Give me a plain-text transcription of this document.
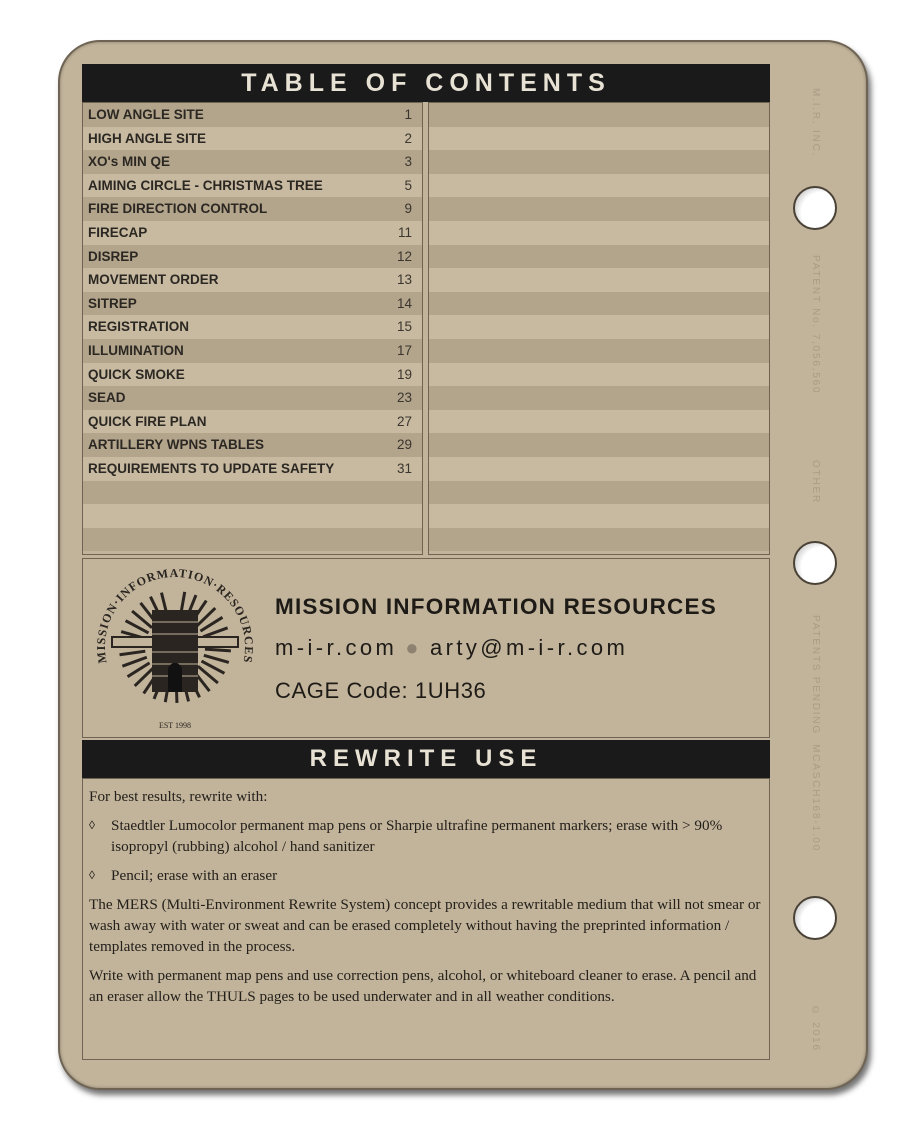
TABLE OF CONTENTS
LOW ANGLE SITE	1
HIGH ANGLE SITE	2
XO's MIN QE	3
AIMING CIRCLE - CHRISTMAS TREE	5
FIRE DIRECTION CONTROL	9
FIRECAP	11
DISREP	12
MOVEMENT ORDER	13
SITREP	14
REGISTRATION	15
ILLUMINATION	17
QUICK SMOKE	19
SEAD	23
QUICK FIRE PLAN	27
ARTILLERY WPNS TABLES	29
REQUIREMENTS TO UPDATE SAFETY	31
MISSION·INFORMATION·RESOURCES
EST 1998
MISSION INFORMATION RESOURCES
m-i-r.com ● arty@m-i-r.com
CAGE Code: 1UH36
REWRITE USE

For best results, rewrite with:

◊	Staedtler Lumocolor permanent map pens or Sharpie ultrafine permanent markers; erase with > 90% isopropyl (rubbing) alcohol / hand sanitizer
◊	Pencil; erase with an eraser

The MERS (Multi-Environment Rewrite System) concept provides a rewritable medium that will not smear or wash away with water or sweat and can be erased completely without having the preprinted information / templates removed in the process.

Write with permanent map pens and use correction pens, alcohol, or whiteboard cleaner to erase. A pencil and an eraser allow the THULS pages to be used underwater and in all weather conditions.

M.I.R. INC.
PATENT No. 7,056,560
OTHER
PATENTS PENDING  MCASCH168-1.00
© 2016
